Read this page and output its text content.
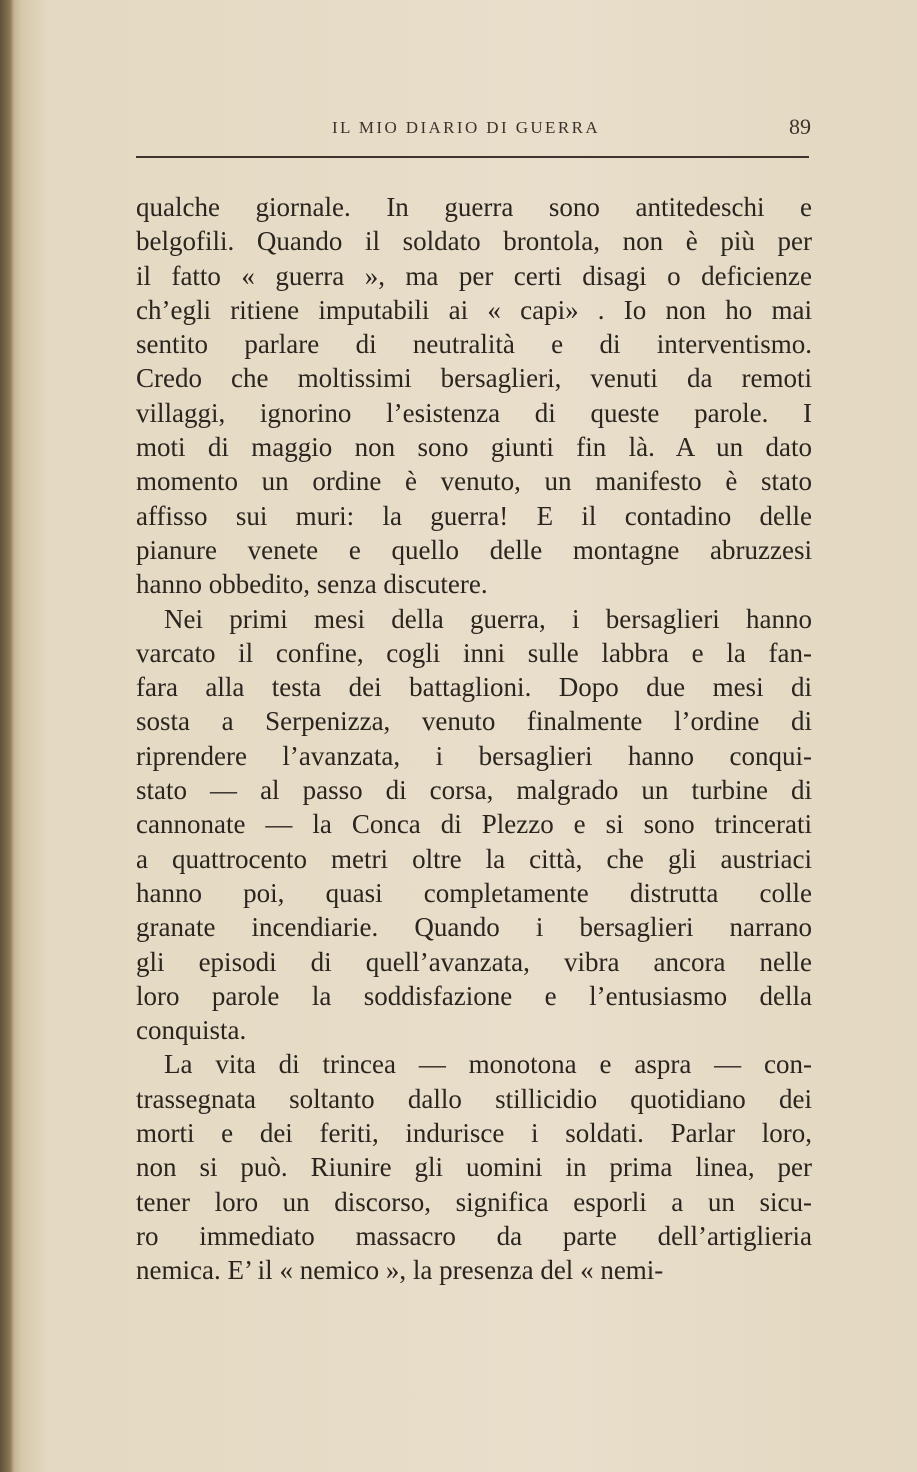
IL MIO DIARIO DI GUERRA	89
qualche giornale. In guerra sono antitedeschi e
belgofili. Quando il soldato brontola, non è più per
il fatto « guerra », ma per certi disagi o deficienze
ch’egli ritiene imputabili ai « capi» . Io non ho mai
sentito parlare di neutralità e di interventismo.
Credo che moltissimi bersaglieri, venuti da remoti
villaggi, ignorino l’esistenza di queste parole. I
moti di maggio non sono giunti fin là. A un dato
momento un ordine è venuto, un manifesto è stato
affisso sui muri: la guerra! E il contadino delle
pianure venete e quello delle montagne abruzzesi
hanno obbedito, senza discutere.
Nei primi mesi della guerra, i bersaglieri hanno
varcato il confine, cogli inni sulle labbra e la fan-
fara alla testa dei battaglioni. Dopo due mesi di
sosta a Serpenizza, venuto finalmente l’ordine di
riprendere l’avanzata, i bersaglieri hanno conqui-
stato — al passo di corsa, malgrado un turbine di
cannonate — la Conca di Plezzo e si sono trincerati
a quattrocento metri oltre la città, che gli austriaci
hanno poi, quasi completamente distrutta colle
granate incendiarie. Quando i bersaglieri narrano
gli episodi di quell’avanzata, vibra ancora nelle
loro parole la soddisfazione e l’entusiasmo della
conquista.
La vita di trincea — monotona e aspra — con-
trassegnata soltanto dallo stillicidio quotidiano dei
morti e dei feriti, indurisce i soldati. Parlar loro,
non si può. Riunire gli uomini in prima linea, per
tener loro un discorso, significa esporli a un sicu-
ro immediato massacro da parte dell’artiglieria
nemica. E’ il « nemico », la presenza del « nemi-
